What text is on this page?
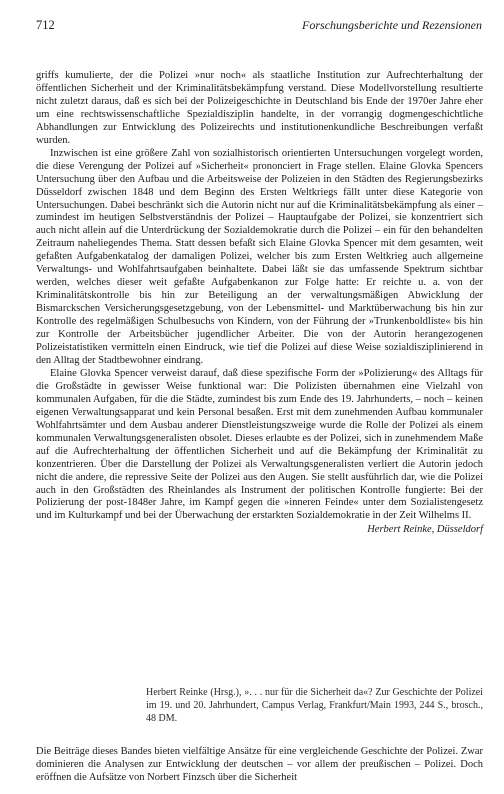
712	Forschungsberichte und Rezensionen

griffs kumulierte, der die Polizei »nur noch« als staatliche Institution zur Aufrechterhaltung der öffentlichen Sicherheit und der Kriminalitätsbekämpfung verstand. Diese Modellvorstellung resultierte nicht zuletzt daraus, daß es sich bei der Polizeigeschichte in Deutschland bis Ende der 1970er Jahre eher um eine rechtswissenschaftliche Spezialdisziplin handelte, in der vorrangig dogmengeschichtliche Abhandlungen zur Entwicklung des Polizeirechts und institutionenkundliche Beschreibungen verfaßt wurden.

Inzwischen ist eine größere Zahl von sozialhistorisch orientierten Untersuchungen vorgelegt worden, die diese Verengung der Polizei auf »Sicherheit« prononciert in Frage stellen. Elaine Glovka Spencers Untersuchung über den Aufbau und die Arbeitsweise der Polizeien in den Städten des Regierungsbezirks Düsseldorf zwischen 1848 und dem Beginn des Ersten Weltkriegs fällt unter diese Kategorie von Untersuchungen. Dabei beschränkt sich die Autorin nicht nur auf die Kriminalitätsbekämpfung als einer – zumindest im heutigen Selbstverständnis der Polizei – Hauptaufgabe der Polizei, sie konzentriert sich auch nicht allein auf die Unterdrückung der Sozialdemokratie durch die Polizei – ein für den behandelten Zeitraum naheliegendes Thema. Statt dessen befaßt sich Elaine Glovka Spencer mit dem gesamten, weit gefaßten Aufgabenkatalog der damaligen Polizei, welcher bis zum Ersten Weltkrieg auch allgemeine Verwaltungs- und Wohlfahrtsaufgaben beinhaltete. Dabei läßt sie das umfassende Spektrum sichtbar werden, welches dieser weit gefaßte Aufgabenkanon zur Folge hatte: Er reichte u. a. von der Kriminalitätskontrolle bis hin zur Beteiligung an der verwaltungsmäßigen Abwicklung der Bismarckschen Versicherungsgesetzgebung, von der Lebensmittel- und Marktüberwachung bis hin zur Kontrolle des regelmäßigen Schulbesuchs von Kindern, von der Führung der »Trunkenboldliste« bis hin zur Kontrolle der Arbeitsbücher jugendlicher Arbeiter. Die von der Autorin herangezogenen Polizeistatistiken vermitteln einen Eindruck, wie tief die Polizei auf diese Weise sozialdisziplinierend in den Alltag der Stadtbewohner eindrang.

Elaine Glovka Spencer verweist darauf, daß diese spezifische Form der »Polizierung« des Alltags für die Großstädte in gewisser Weise funktional war: Die Polizisten übernahmen eine Vielzahl von kommunalen Aufgaben, für die die Städte, zumindest bis zum Ende des 19. Jahrhunderts, – noch – keinen eigenen Verwaltungsapparat und kein Personal besaßen. Erst mit dem zunehmenden Aufbau kommunaler Wohlfahrtsämter und dem Ausbau anderer Dienstleistungszweige wurde die Rolle der Polizei als einem kommunalen Verwaltungsgeneralisten obsolet. Dieses erlaubte es der Polizei, sich in zunehmendem Maße auf die Aufrechterhaltung der öffentlichen Sicherheit und auf die Bekämpfung der Kriminalität zu konzentrieren. Über die Darstellung der Polizei als Verwaltungsgeneralisten verliert die Autorin jedoch nicht die andere, die repressive Seite der Polizei aus den Augen. Sie stellt ausführlich dar, wie die Polizei auch in den Großstädten des Rheinlandes als Instrument der politischen Kontrolle fungierte: Bei der Polizierung der post-1848er Jahre, im Kampf gegen die »inneren Feinde« unter dem Sozialistengesetz und im Kulturkampf und bei der Überwachung der erstarkten Sozialdemokratie in der Zeit Wilhelms II.

Herbert Reinke, Düsseldorf
Herbert Reinke (Hrsg.), ». . . nur für die Sicherheit da«? Zur Geschichte der Polizei im 19. und 20. Jahrhundert, Campus Verlag, Frankfurt/Main 1993, 244 S., brosch., 48 DM.
Die Beiträge dieses Bandes bieten vielfältige Ansätze für eine vergleichende Geschichte der Polizei. Zwar dominieren die Analysen zur Entwicklung der deutschen – vor allem der preußischen – Polizei. Doch eröffnen die Aufsätze von Norbert Finzsch über die Sicherheit
